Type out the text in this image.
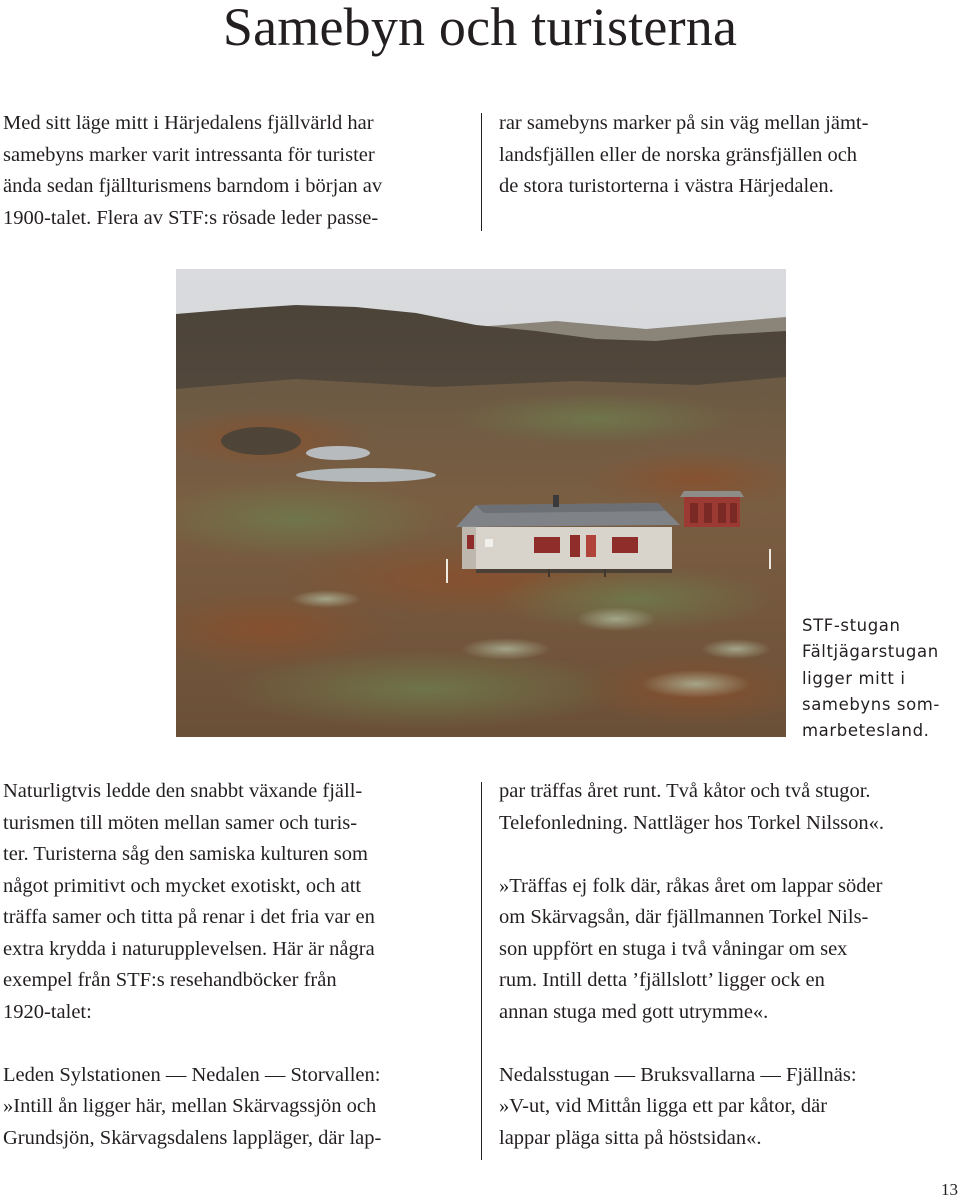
Samebyn och turisterna

Med sitt läge mitt i Härjedalens fjällvärld har
samebyns marker varit intressanta för turister
ända sedan fjällturismens barndom i början av
1900-talet. Flera av STF:s rösade leder passe-

rar samebyns marker på sin väg mellan jämt-
landsfjällen eller de norska gränsfjällen och
de stora turistorterna i västra Härjedalen.

STF-stugan
Fältjägarstugan
ligger mitt i
samebyns som-
marbetesland.

Naturligtvis ledde den snabbt växande fjäll-
turismen till möten mellan samer och turis-
ter. Turisterna såg den samiska kulturen som
något primitivt och mycket exotiskt, och att
träffa samer och titta på renar i det fria var en
extra krydda i naturupplevelsen. Här är några
exempel från STF:s resehandböcker från
1920-talet:

Leden Sylstationen — Nedalen — Storvallen:
»Intill ån ligger här, mellan Skärvagssjön och
Grundsjön, Skärvagsdalens lappläger, där lap-

par träffas året runt. Två kåtor och två stugor.
Telefonledning. Nattläger hos Torkel Nilsson«.

»Träffas ej folk där, råkas året om lappar söder
om Skärvagsån, där fjällmannen Torkel Nils-
son uppfört en stuga i två våningar om sex
rum. Intill detta ’fjällslott’ ligger ock en
annan stuga med gott utrymme«.

Nedalsstugan — Bruksvallarna — Fjällnäs:
»V-ut, vid Mittån ligga ett par kåtor, där
lappar pläga sitta på höstsidan«.

13
